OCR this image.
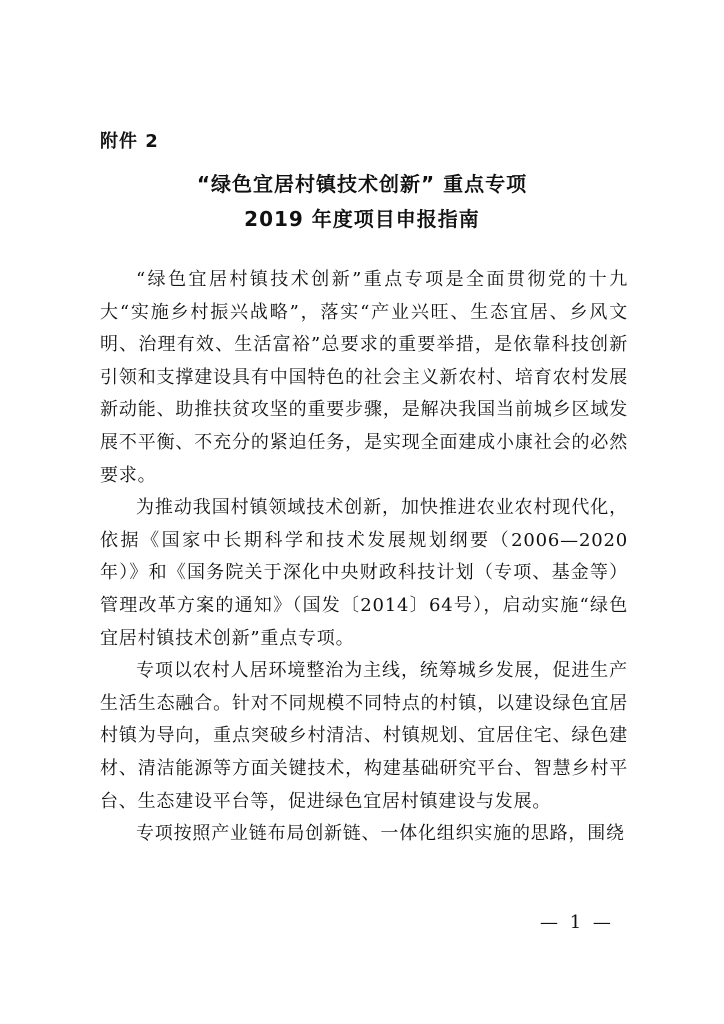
附件 2
“绿色宜居村镇技术创新” 重点专项
2019 年度项目申报指南

“绿色宜居村镇技术创新”重点专项是全面贯彻党的十九大“实施乡村振兴战略”，落实“产业兴旺、生态宜居、乡风文明、治理有效、生活富裕”总要求的重要举措，是依靠科技创新引领和支撑建设具有中国特色的社会主义新农村、培育农村发展新动能、助推扶贫攻坚的重要步骤，是解决我国当前城乡区域发展不平衡、不充分的紧迫任务，是实现全面建成小康社会的必然要求。

为推动我国村镇领域技术创新，加快推进农业农村现代化，依据《国家中长期科学和技术发展规划纲要（2006—2020年）》和《国务院关于深化中央财政科技计划（专项、基金等）管理改革方案的通知》（国发〔2014〕64号），启动实施“绿色宜居村镇技术创新”重点专项。

专项以农村人居环境整治为主线，统筹城乡发展，促进生产生活生态融合。针对不同规模不同特点的村镇，以建设绿色宜居村镇为导向，重点突破乡村清洁、村镇规划、宜居住宅、绿色建材、清洁能源等方面关键技术，构建基础研究平台、智慧乡村平台、生态建设平台等，促进绿色宜居村镇建设与发展。

专项按照产业链布局创新链、一体化组织实施的思路，围绕

— 1 —
